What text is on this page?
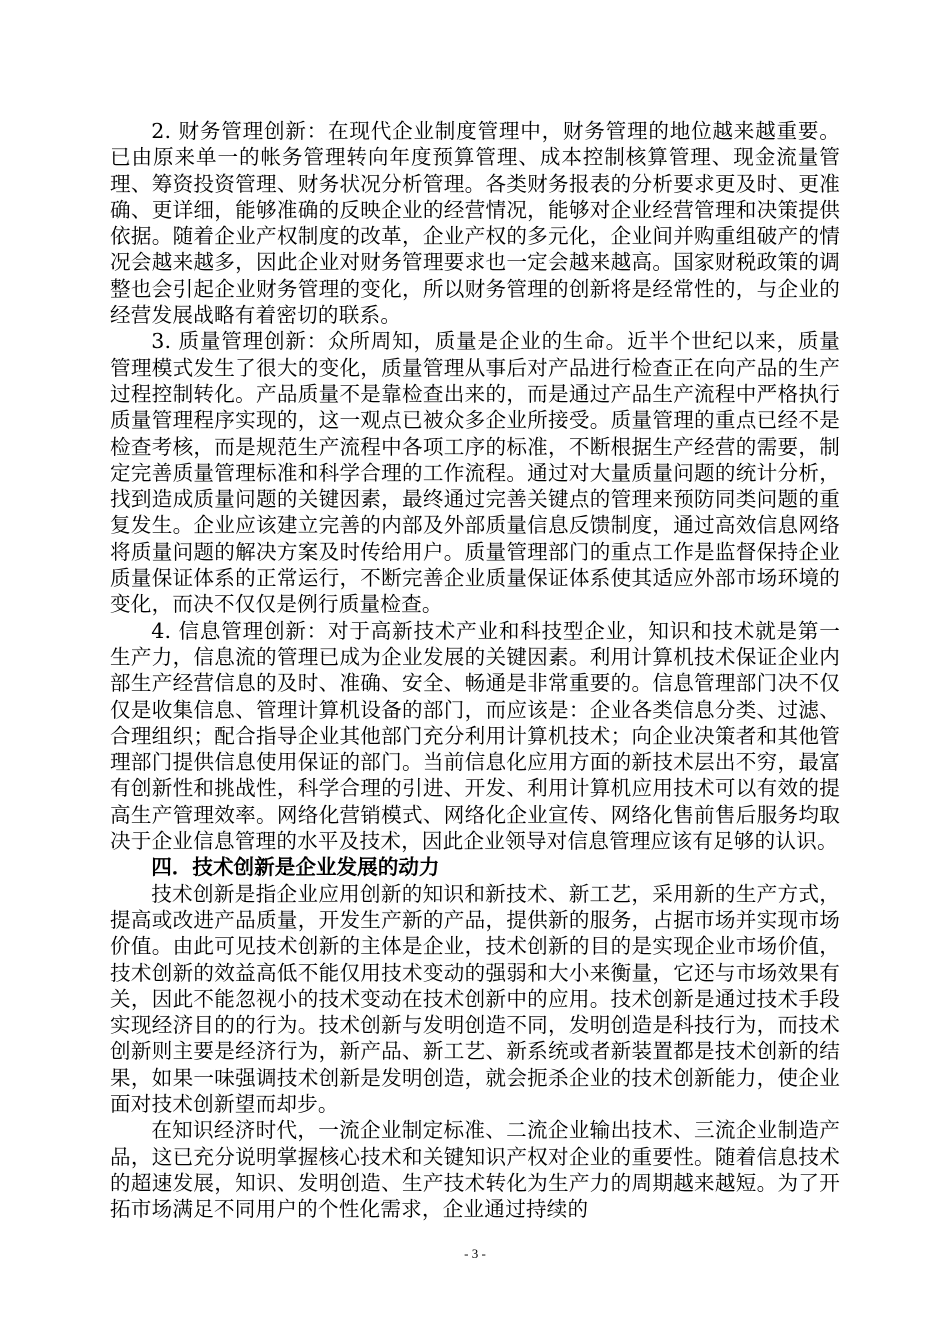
2. 财务管理创新：在现代企业制度管理中，财务管理的地位越来越重要。已由原来单一的帐务管理转向年度预算管理、成本控制核算管理、现金流量管理、筹资投资管理、财务状况分析管理。各类财务报表的分析要求更及时、更准确、更详细，能够准确的反映企业的经营情况，能够对企业经营管理和决策提供依据。随着企业产权制度的改革，企业产权的多元化，企业间并购重组破产的情况会越来越多，因此企业对财务管理要求也一定会越来越高。国家财税政策的调整也会引起企业财务管理的变化，所以财务管理的创新将是经常性的，与企业的经营发展战略有着密切的联系。

3. 质量管理创新：众所周知，质量是企业的生命。近半个世纪以来，质量管理模式发生了很大的变化，质量管理从事后对产品进行检查正在向产品的生产过程控制转化。产品质量不是靠检查出来的，而是通过产品生产流程中严格执行质量管理程序实现的，这一观点已被众多企业所接受。质量管理的重点已经不是检查考核，而是规范生产流程中各项工序的标准，不断根据生产经营的需要，制定完善质量管理标准和科学合理的工作流程。通过对大量质量问题的统计分析，找到造成质量问题的关键因素，最终通过完善关键点的管理来预防同类问题的重复发生。企业应该建立完善的内部及外部质量信息反馈制度，通过高效信息网络将质量问题的解决方案及时传给用户。质量管理部门的重点工作是监督保持企业质量保证体系的正常运行，不断完善企业质量保证体系使其适应外部市场环境的变化，而决不仅仅是例行质量检查。

4. 信息管理创新：对于高新技术产业和科技型企业，知识和技术就是第一生产力，信息流的管理已成为企业发展的关键因素。利用计算机技术保证企业内部生产经营信息的及时、准确、安全、畅通是非常重要的。信息管理部门决不仅仅是收集信息、管理计算机设备的部门，而应该是：企业各类信息分类、过滤、合理组织；配合指导企业其他部门充分利用计算机技术；向企业决策者和其他管理部门提供信息使用保证的部门。当前信息化应用方面的新技术层出不穷，最富有创新性和挑战性，科学合理的引进、开发、利用计算机应用技术可以有效的提高生产管理效率。网络化营销模式、网络化企业宣传、网络化售前售后服务均取决于企业信息管理的水平及技术，因此企业领导对信息管理应该有足够的认识。

四．技术创新是企业发展的动力

技术创新是指企业应用创新的知识和新技术、新工艺，采用新的生产方式，提高或改进产品质量，开发生产新的产品，提供新的服务，占据市场并实现市场价值。由此可见技术创新的主体是企业，技术创新的目的是实现企业市场价值，技术创新的效益高低不能仅用技术变动的强弱和大小来衡量，它还与市场效果有关，因此不能忽视小的技术变动在技术创新中的应用。技术创新是通过技术手段实现经济目的的行为。技术创新与发明创造不同，发明创造是科技行为，而技术创新则主要是经济行为，新产品、新工艺、新系统或者新装置都是技术创新的结果，如果一味强调技术创新是发明创造，就会扼杀企业的技术创新能力，使企业面对技术创新望而却步。

在知识经济时代，一流企业制定标准、二流企业输出技术、三流企业制造产品，这已充分说明掌握核心技术和关键知识产权对企业的重要性。随着信息技术的超速发展，知识、发明创造、生产技术转化为生产力的周期越来越短。为了开拓市场满足不同用户的个性化需求，企业通过持续的

- 3 -
